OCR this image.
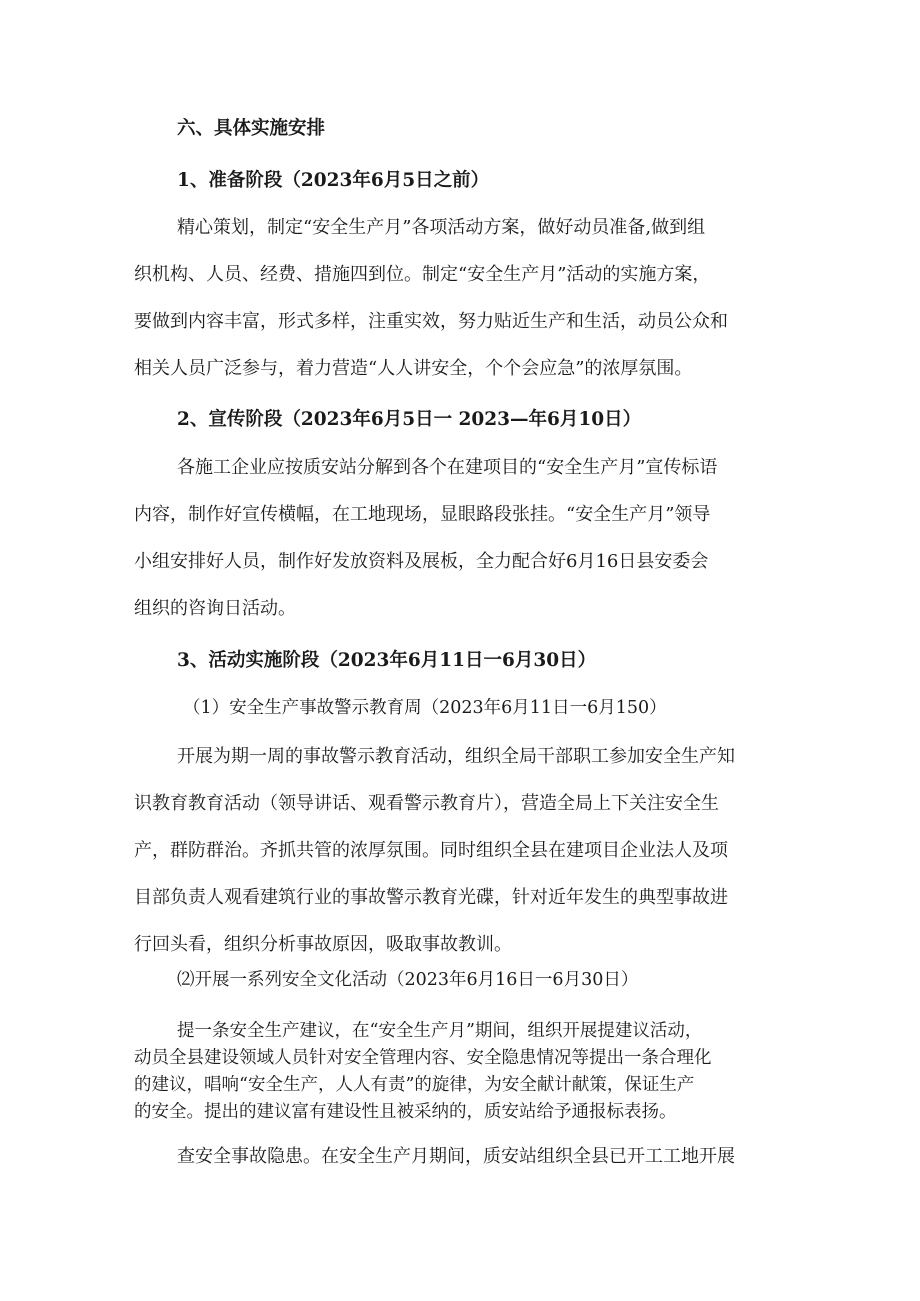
六、具体实施安排
1、准备阶段（2023年6月5日之前）
精心策划，制定“安全生产月”各项活动方案，做好动员准备,做到组
织机构、人员、经费、措施四到位。制定“安全生产月”活动的实施方案，
要做到内容丰富，形式多样，注重实效，努力贴近生产和生活，动员公众和
相关人员广泛参与，着力营造“人人讲安全，个个会应急”的浓厚氛围。
2、宣传阶段（2023年6月5日一 2023—年6月10日）
各施工企业应按质安站分解到各个在建项目的“安全生产月”宣传标语
内容，制作好宣传横幅，在工地现场，显眼路段张挂。“安全生产月”领导
小组安排好人员，制作好发放资料及展板，全力配合好6月16日县安委会
组织的咨询日活动。
3、活动实施阶段（2023年6月11日一6月30日）
（1）安全生产事故警示教育周（2023年6月11日一6月150）
开展为期一周的事故警示教育活动，组织全局干部职工参加安全生产知
识教育教育活动（领导讲话、观看警示教育片），营造全局上下关注安全生
产，群防群治。齐抓共管的浓厚氛围。同时组织全县在建项目企业法人及项
目部负责人观看建筑行业的事故警示教育光碟，针对近年发生的典型事故进
行回头看，组织分析事故原因，吸取事故教训。
⑵开展一系列安全文化活动（2023年6月16日一6月30日）
提一条安全生产建议，在“安全生产月”期间，组织开展提建议活动，
动员全县建设领域人员针对安全管理内容、安全隐患情况等提出一条合理化
的建议，唱响“安全生产，人人有责”的旋律，为安全献计献策，保证生产
的安全。提出的建议富有建设性且被采纳的，质安站给予通报标表扬。
查安全事故隐患。在安全生产月期间，质安站组织全县已开工工地开展
